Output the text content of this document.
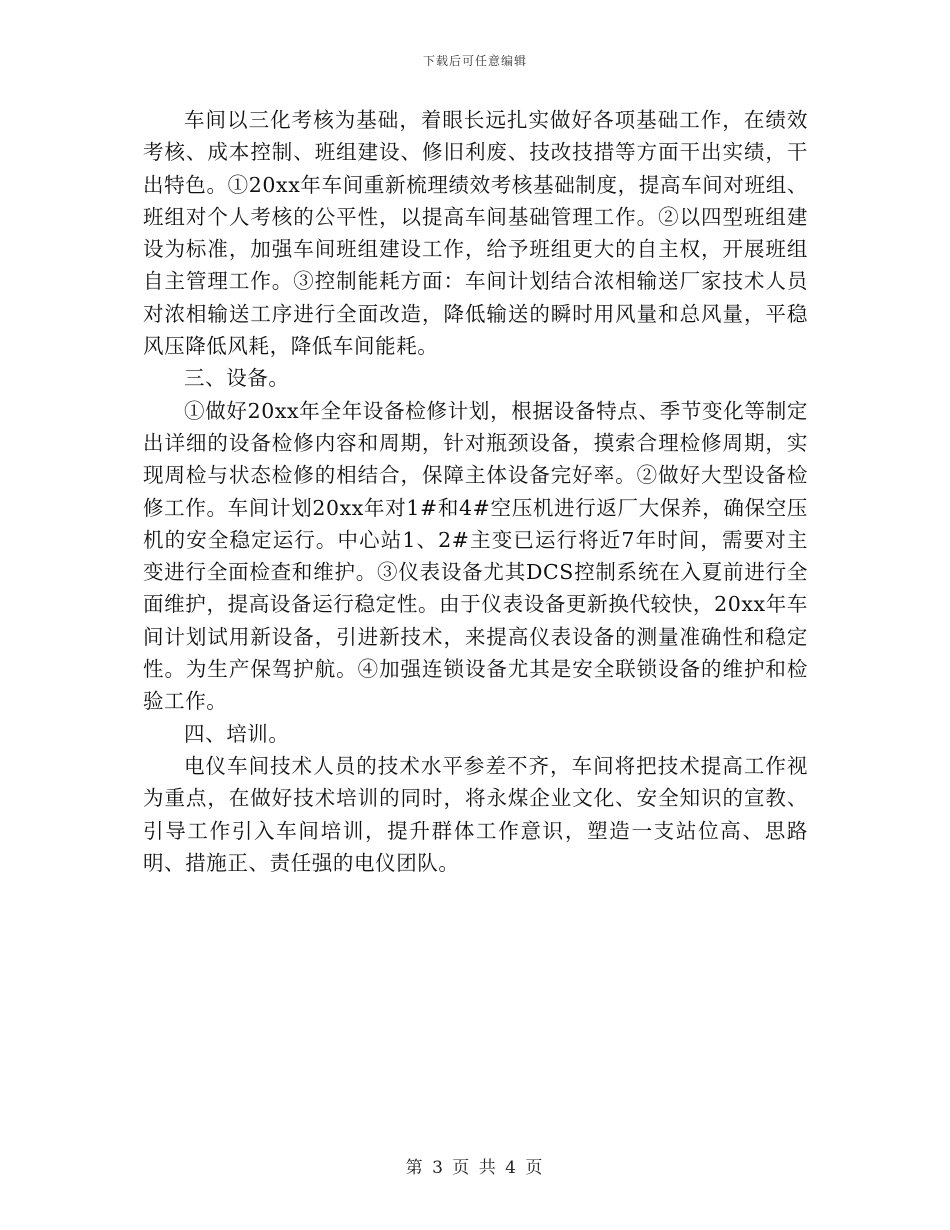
下载后可任意编辑

车间以三化考核为基础，着眼长远扎实做好各项基础工作，在绩效考核、成本控制、班组建设、修旧利废、技改技措等方面干出实绩，干出特色。①20xx年车间重新梳理绩效考核基础制度，提高车间对班组、班组对个人考核的公平性，以提高车间基础管理工作。②以四型班组建设为标准，加强车间班组建设工作，给予班组更大的自主权，开展班组自主管理工作。③控制能耗方面：车间计划结合浓相输送厂家技术人员对浓相输送工序进行全面改造，降低输送的瞬时用风量和总风量，平稳风压降低风耗，降低车间能耗。

三、设备。

①做好20xx年全年设备检修计划，根据设备特点、季节变化等制定出详细的设备检修内容和周期，针对瓶颈设备，摸索合理检修周期，实现周检与状态检修的相结合，保障主体设备完好率。②做好大型设备检修工作。车间计划20xx年对1#和4#空压机进行返厂大保养，确保空压机的安全稳定运行。中心站1、2#主变已运行将近7年时间，需要对主变进行全面检查和维护。③仪表设备尤其DCS控制系统在入夏前进行全面维护，提高设备运行稳定性。由于仪表设备更新换代较快，20xx年车间计划试用新设备，引进新技术，来提高仪表设备的测量准确性和稳定性。为生产保驾护航。④加强连锁设备尤其是安全联锁设备的维护和检验工作。

四、培训。

电仪车间技术人员的技术水平参差不齐，车间将把技术提高工作视为重点，在做好技术培训的同时，将永煤企业文化、安全知识的宣教、引导工作引入车间培训，提升群体工作意识，塑造一支站位高、思路明、措施正、责任强的电仪团队。

第 3 页 共 4 页
